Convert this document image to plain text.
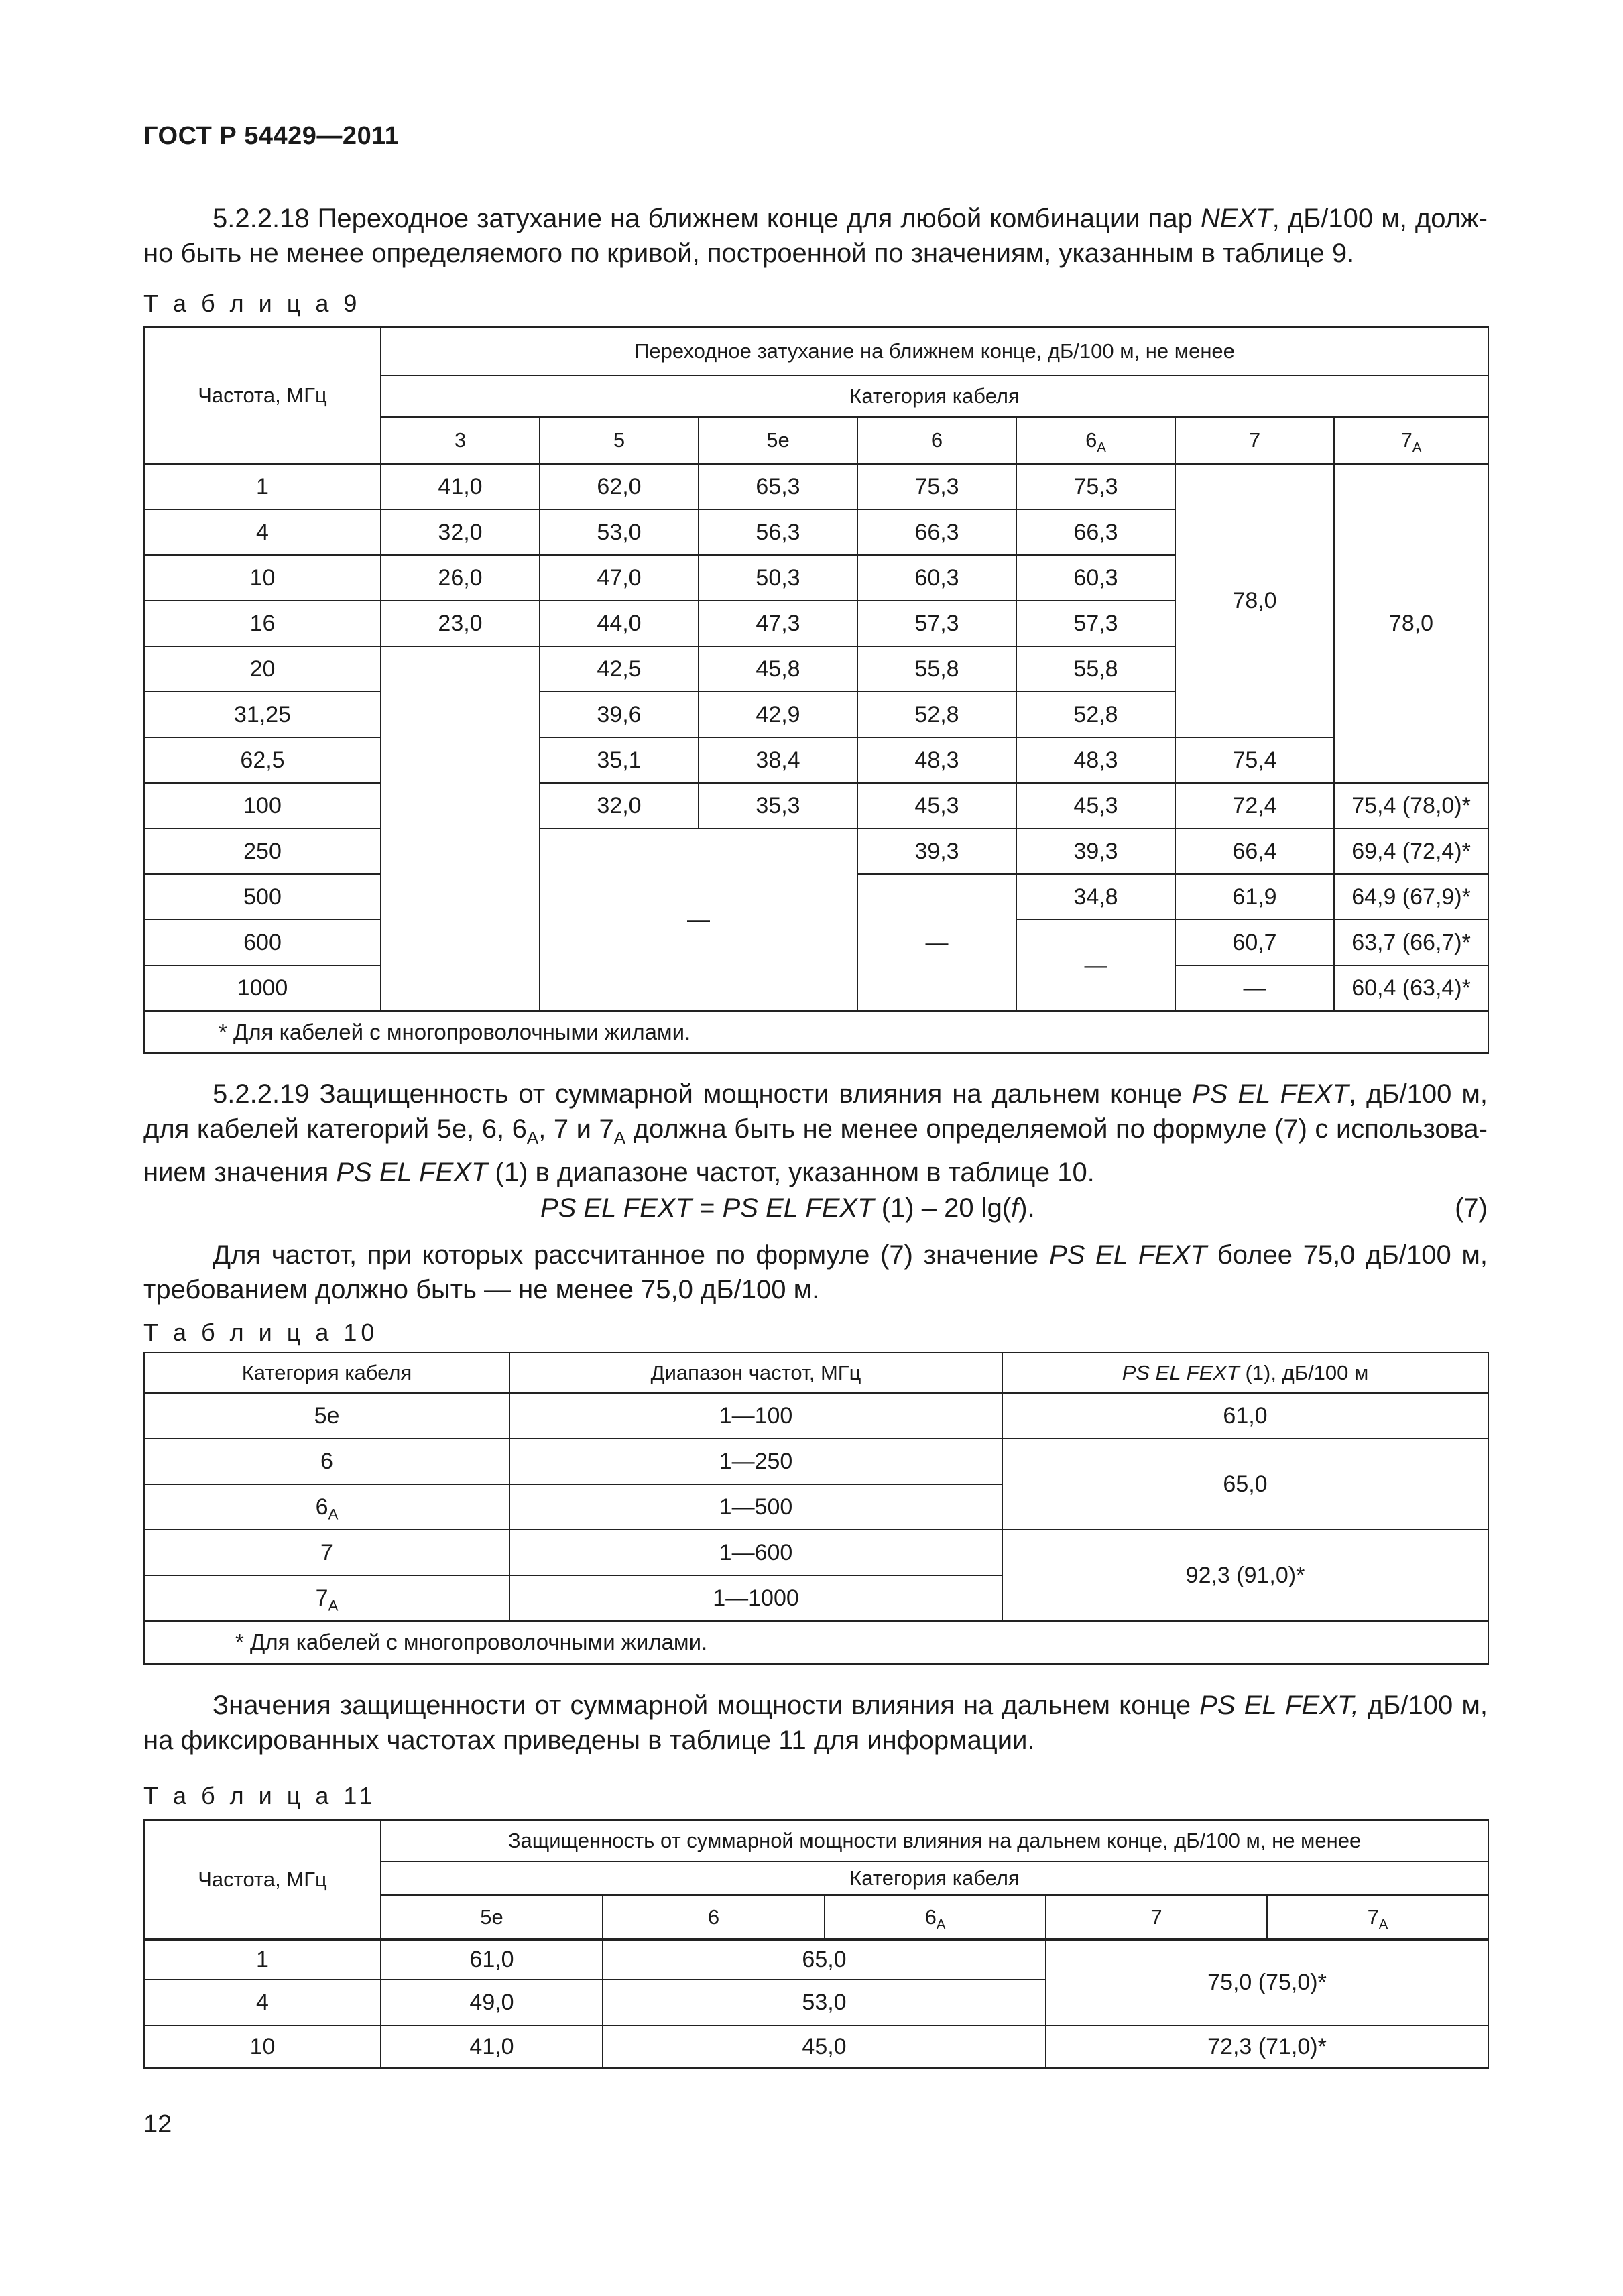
ГОСТ Р 54429—2011
5.2.2.18 Переходное затухание на ближнем конце для любой комбинации пар NEXT, дБ/100 м, долж-но быть не менее определяемого по кривой, построенной по значениям, указанным в таблице 9.
Т а б л и ц а 9
Частота, МГц	Переходное затухание на ближнем конце, дБ/100 м, не менее						
	Категория кабеля						
	3	5	5e	6	$6_A$	7	$7_A$
1	41,0	62,0	65,3	75,3	75,3	78,0	78,0
4	32,0	53,0	56,3	66,3	66,3		
10	26,0	47,0	50,3	60,3	60,3		
16	23,0	44,0	47,3	57,3	57,3		
20		42,5	45,8	55,8	55,8		
31,25		39,6	42,9	52,8	52,8		
62,5		35,1	38,4	48,3	48,3	75,4	
100		32,0	35,3	45,3	45,3	72,4	75,4 (78,0)*
250		—		39,3	39,3	66,4	69,4 (72,4)*
500				—	34,8	61,9	64,9 (67,9)*
600					—	60,7	63,7 (66,7)*
1000						—	60,4 (63,4)*
* Для кабелей с многопроволочными жилами.							
5.2.2.19 Защищенность от суммарной мощности влияния на дальнем конце PS EL FEXT, дБ/100 м, для кабелей категорий 5e, 6, $6_A$, 7 и $7_A$ должна быть не менее определяемой по формуле (7) с использова-нием значения PS EL FEXT (1) в диапазоне частот, указанном в таблице 10.
PS EL FEXT = PS EL FEXT (1) – 20 lg(f).	(7)
Для частот, при которых рассчитанное по формуле (7) значение PS EL FEXT более 75,0 дБ/100 м, требованием должно быть — не менее 75,0 дБ/100 м.
Т а б л и ц а 10
Категория кабеля	Диапазон частот, МГц	PS EL FEXT (1), дБ/100 м
5e	1—100	61,0
6	1—250	65,0
$6_A$	1—500	
7	1—600	92,3 (91,0)*
$7_A$	1—1000	
* Для кабелей с многопроволочными жилами.		
Значения защищенности от суммарной мощности влияния на дальнем конце PS EL FEXT, дБ/100 м, на фиксированных частотах приведены в таблице 11 для информации.
Т а б л и ц а 11
Частота, МГц	Защищенность от суммарной мощности влияния на дальнем конце, дБ/100 м, не менее				
	Категория кабеля				
	5e	6	$6_A$	7	$7_A$
1	61,0	65,0		75,0 (75,0)*	
4	49,0	53,0			
10	41,0	45,0		72,3 (71,0)*	
12
